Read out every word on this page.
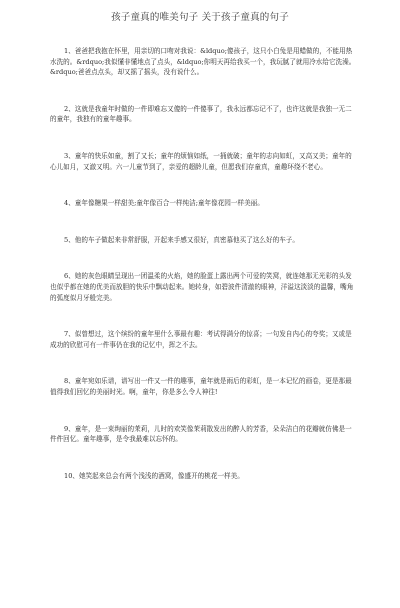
孩子童真的唯美句子 关于孩子童真的句子

1、爸爸把我抱在怀里，用亲切的口吻对我说：&ldquo;傻孩子，这只小白兔是用蜡做的，不能用热水洗的。&rdquo;我似懂非懂地点了点头，&ldquo;你明天再给我买一个，我玩腻了就用冷水给它洗澡。&rdquo;爸爸点点头，却又摇了摇头，没有说什么。

2、这就是我童年时做的一件即难忘又傻的一件傻事了，我永远都忘记不了，也许这就是我独一无二的童年，我独有的童年趣事。

3、童年的快乐如童，割了又长；童年的烦恼如纸，一捅就破；童年的志向如虹，又高又美；童年的心儿如月，又澈又明。六一儿童节到了，亲爱的超龄儿童，但愿我们存童真，童趣环绕不老心。

4、童年像糖果一样甜美;童年像百合一样纯洁;童年像花园一样美丽。

5、他的车子做起来非常舒服，开起来手感又很好，真密慕他买了这么好的车子。

6、她的灰色眼睛呈现出一团温柔的火焰，她的脸蛋上露出两个可爱的笑窝，就连她那无光彩的头发也似乎都在她的优美而放胆的快乐中飘动起来。她转身，如碧波件清澈的眼神，洋溢这淡淡的温馨，嘴角的弧度似月牙般完美。

7、似曾想过，这个缤纷的童年里什么事最有趣：考试得满分的惊喜；一句发自内心的夸奖；又或是成功的欣慰可有一件事仍在我的记忆中，挥之不去。

8、童年宛如乐谱，谱写出一件又一件的趣事，童年就是雨后的彩虹，是一本记忆的画卷，更是那最值得我们回忆的美丽时光。啊，童年，你是多么令人神往!

9、童年，是一束绚丽的茉莉，儿时的欢笑像茉莉散发出的醉人的芳香，朵朵洁白的花瓣就仿佛是一件件回忆。童年趣事，是令我最难以忘怀的。

10、她笑起来总会有两个浅浅的酒窝，像盛开的桃花一样美。
